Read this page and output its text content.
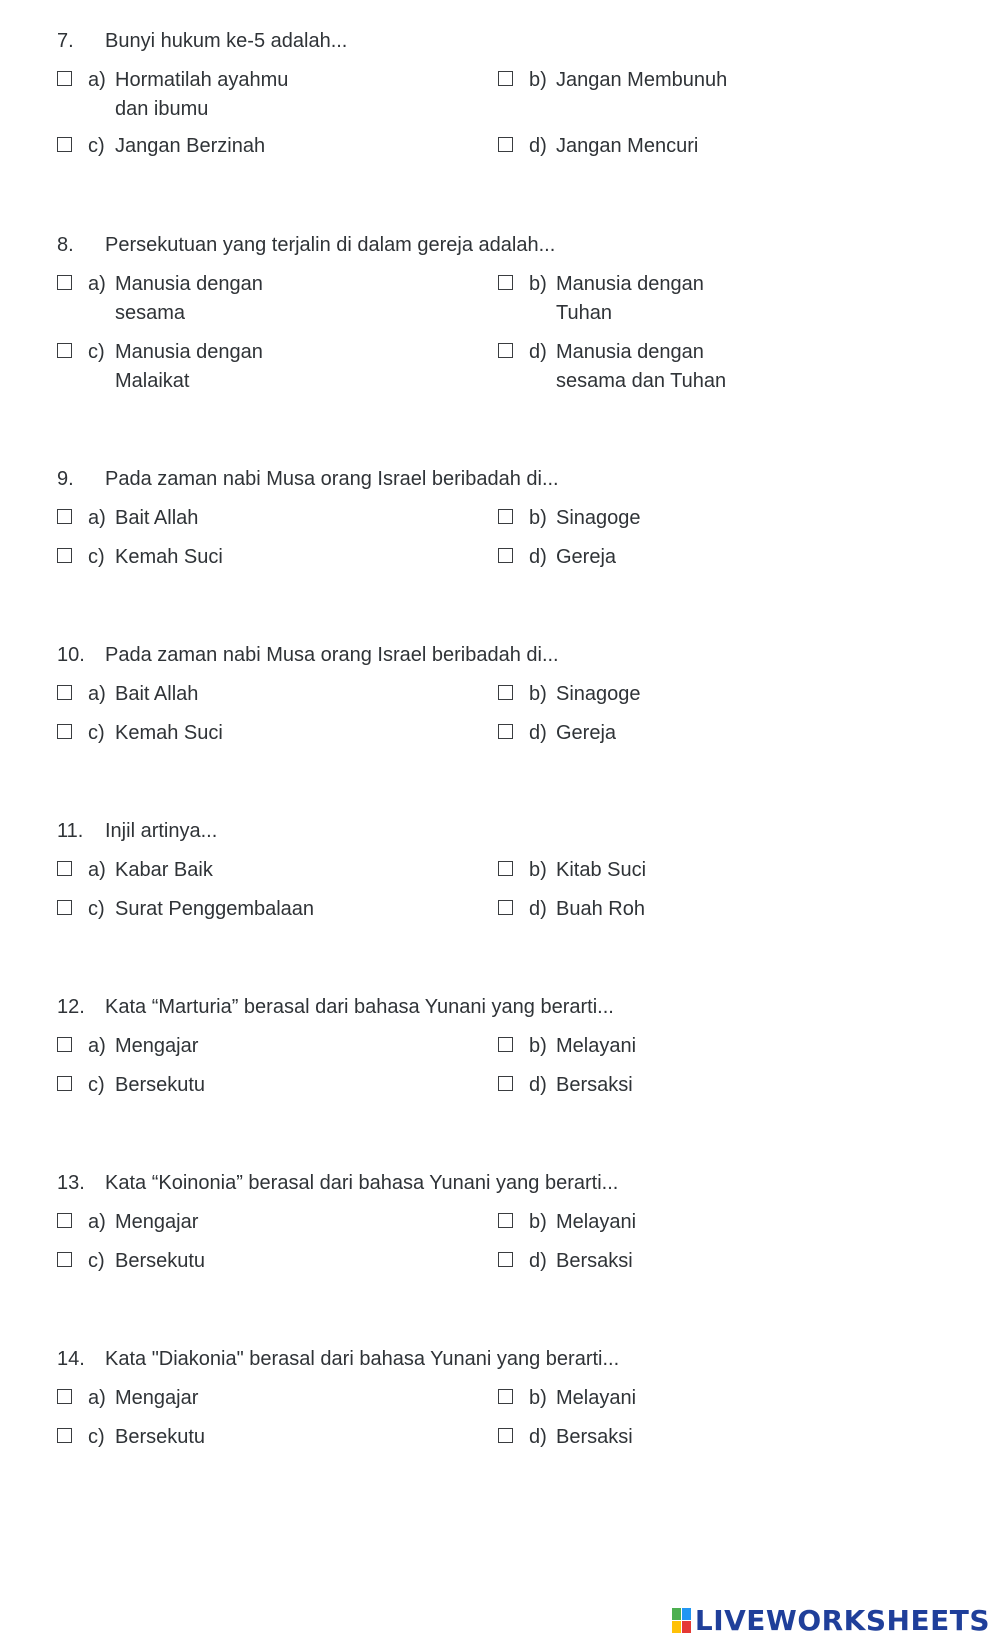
7. Bunyi hukum ke-5 adalah...
a) Hormatilah ayahmu
dan ibumu
b) Jangan Membunuh
c) Jangan Berzinah	d) Jangan Mencuri
8. Persekutuan yang terjalin di dalam gereja adalah...
a) Manusia dengan
sesama
b) Manusia dengan
Tuhan
c) Manusia dengan
Malaikat
d) Manusia dengan
sesama dan Tuhan
9. Pada zaman nabi Musa orang Israel beribadah di...
a) Bait Allah	b) Sinagoge
c) Kemah Suci	d) Gereja
10. Pada zaman nabi Musa orang Israel beribadah di...
a) Bait Allah	b) Sinagoge
c) Kemah Suci	d) Gereja
11. Injil artinya...
a) Kabar Baik	b) Kitab Suci
c) Surat Penggembalaan	d) Buah Roh
12. Kata “Marturia” berasal dari bahasa Yunani yang berarti...
a) Mengajar	b) Melayani
c) Bersekutu	d) Bersaksi
13. Kata “Koinonia” berasal dari bahasa Yunani yang berarti...
a) Mengajar	b) Melayani
c) Bersekutu	d) Bersaksi
14. Kata "Diakonia" berasal dari bahasa Yunani yang berarti...
a) Mengajar	b) Melayani
c) Bersekutu	d) Bersaksi
LIVEWORKSHEETS
